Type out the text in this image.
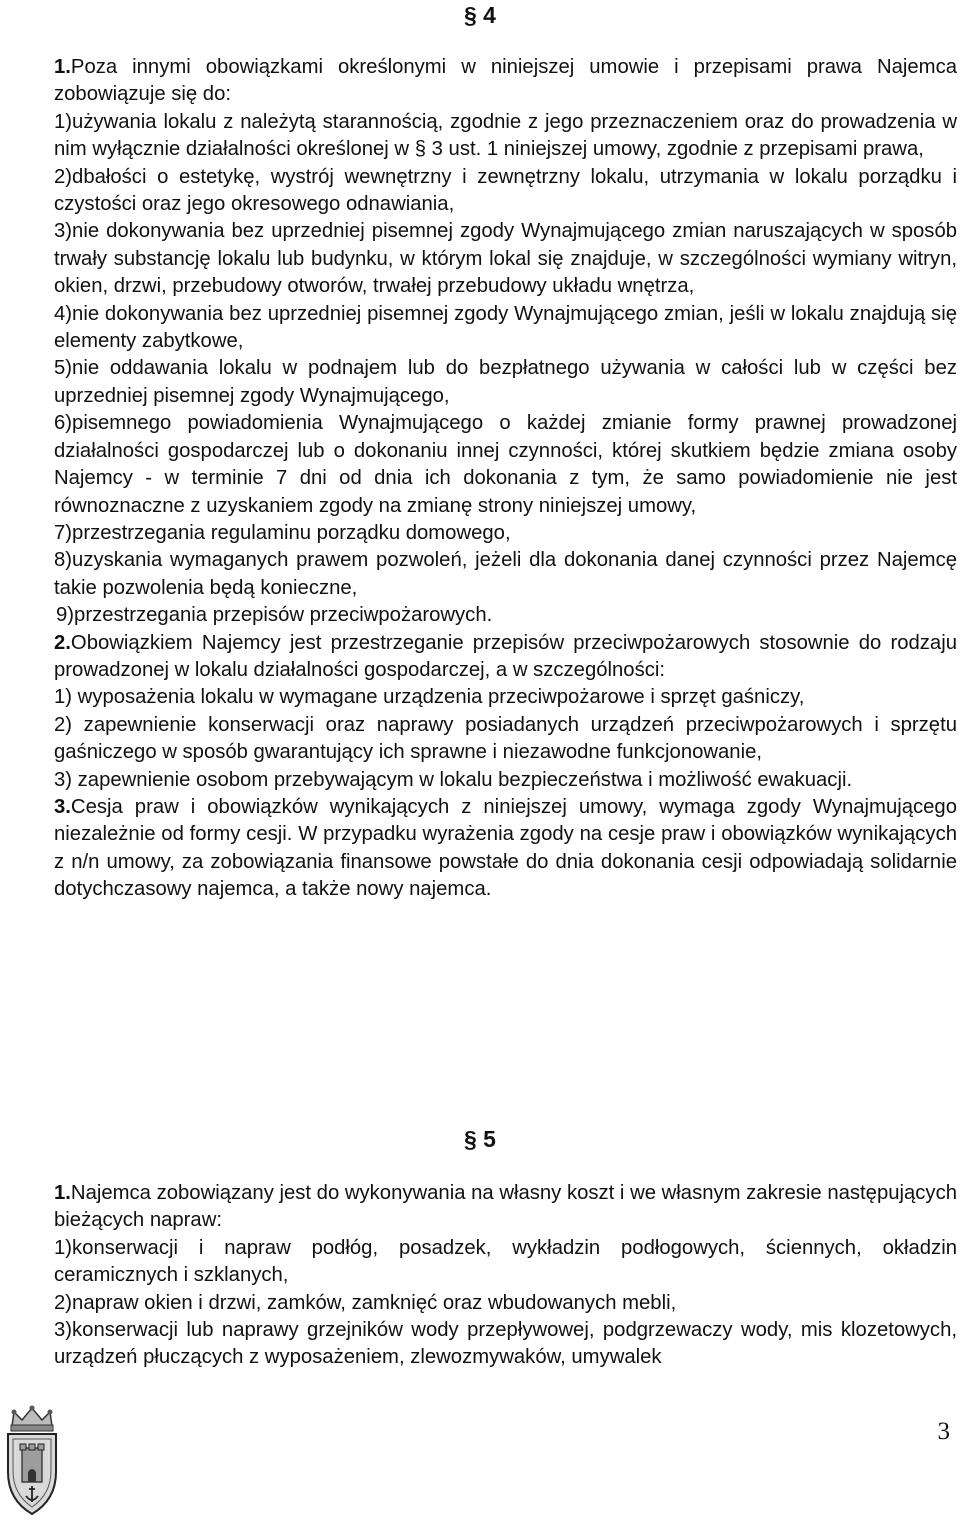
§ 4

1.Poza innymi obowiązkami określonymi w niniejszej umowie i przepisami prawa Najemca zobowiązuje się do:

1)używania lokalu z należytą starannością, zgodnie z jego przeznaczeniem oraz do prowadzenia w nim wyłącznie działalności określonej w § 3 ust. 1 niniejszej umowy, zgodnie z przepisami prawa,

2)dbałości o estetykę, wystrój wewnętrzny i zewnętrzny lokalu, utrzymania w lokalu porządku i czystości oraz jego okresowego odnawiania,

3)nie dokonywania bez uprzedniej pisemnej zgody Wynajmującego zmian naruszających w sposób trwały substancję lokalu lub budynku, w którym lokal się znajduje, w szczególności wymiany witryn, okien, drzwi, przebudowy otworów, trwałej przebudowy układu wnętrza,

4)nie dokonywania bez uprzedniej pisemnej zgody Wynajmującego zmian, jeśli w lokalu znajdują się elementy zabytkowe,

5)nie oddawania lokalu w podnajem lub do bezpłatnego używania w całości lub w części bez uprzedniej pisemnej zgody Wynajmującego,

6)pisemnego powiadomienia Wynajmującego o każdej zmianie formy prawnej prowadzonej działalności gospodarczej lub o dokonaniu innej czynności, której skutkiem będzie zmiana osoby Najemcy - w terminie 7 dni od dnia ich dokonania z tym, że samo powiadomienie nie jest równoznaczne z uzyskaniem zgody na zmianę strony niniejszej umowy,

7)przestrzegania regulaminu porządku domowego,

8)uzyskania wymaganych prawem pozwoleń, jeżeli dla dokonania danej czynności przez Najemcę takie pozwolenia będą konieczne,

9)przestrzegania przepisów przeciwpożarowych.

2.Obowiązkiem Najemcy jest przestrzeganie przepisów przeciwpożarowych stosownie do rodzaju prowadzonej w lokalu działalności gospodarczej, a w szczególności:

1) wyposażenia lokalu w wymagane urządzenia przeciwpożarowe i sprzęt gaśniczy,

2) zapewnienie konserwacji oraz naprawy posiadanych urządzeń przeciwpożarowych i sprzętu gaśniczego w sposób gwarantujący ich sprawne i niezawodne funkcjonowanie,

3) zapewnienie osobom przebywającym w lokalu bezpieczeństwa i możliwość ewakuacji.

3.Cesja praw i obowiązków wynikających z niniejszej umowy, wymaga zgody Wynajmującego niezależnie od formy cesji. W przypadku wyrażenia zgody na cesje praw i obowiązków wynikających z n/n umowy, za zobowiązania finansowe powstałe do dnia dokonania cesji odpowiadają solidarnie dotychczasowy najemca, a także nowy najemca.

§ 5

1.Najemca zobowiązany jest do wykonywania na własny koszt i we własnym zakresie następujących bieżących napraw:

1)konserwacji i napraw podłóg, posadzek, wykładzin podłogowych, ściennych, okładzin ceramicznych i szklanych,

2)napraw okien i drzwi, zamków, zamknięć oraz wbudowanych mebli,

3)konserwacji lub naprawy grzejników wody przepływowej, podgrzewaczy wody, mis klozetowych, urządzeń płuczących z wyposażeniem, zlewozmywaków, umywalek

3
